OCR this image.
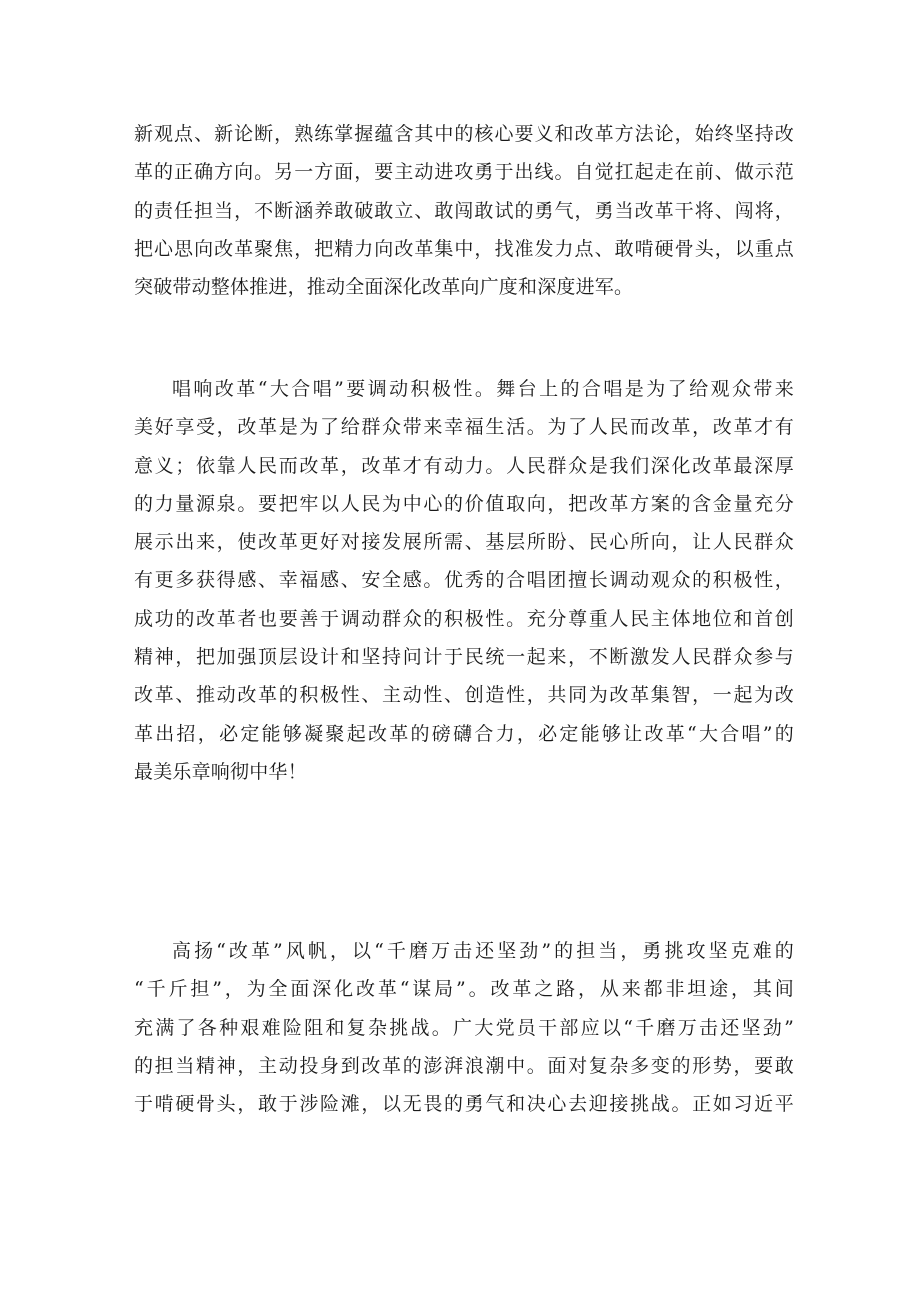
新观点、新论断，熟练掌握蕴含其中的核心要义和改革方法论，始终坚持改
革的正确方向。另一方面，要主动进攻勇于出线。自觉扛起走在前、做示范
的责任担当，不断涵养敢破敢立、敢闯敢试的勇气，勇当改革干将、闯将，
把心思向改革聚焦，把精力向改革集中，找准发力点、敢啃硬骨头，以重点
突破带动整体推进，推动全面深化改革向广度和深度进军。
唱响改革“大合唱”要调动积极性。舞台上的合唱是为了给观众带来
美好享受，改革是为了给群众带来幸福生活。为了人民而改革，改革才有
意义；依靠人民而改革，改革才有动力。人民群众是我们深化改革最深厚
的力量源泉。要把牢以人民为中心的价值取向，把改革方案的含金量充分
展示出来，使改革更好对接发展所需、基层所盼、民心所向，让人民群众
有更多获得感、幸福感、安全感。优秀的合唱团擅长调动观众的积极性，
成功的改革者也要善于调动群众的积极性。充分尊重人民主体地位和首创
精神，把加强顶层设计和坚持问计于民统一起来，不断激发人民群众参与
改革、推动改革的积极性、主动性、创造性，共同为改革集智，一起为改
革出招，必定能够凝聚起改革的磅礴合力，必定能够让改革“大合唱”的
最美乐章响彻中华！
高扬“改革”风帆，以“千磨万击还坚劲”的担当，勇挑攻坚克难的
“千斤担”，为全面深化改革“谋局”。改革之路，从来都非坦途，其间
充满了各种艰难险阻和复杂挑战。广大党员干部应以“千磨万击还坚劲”
的担当精神，主动投身到改革的澎湃浪潮中。面对复杂多变的形势，要敢
于啃硬骨头，敢于涉险滩，以无畏的勇气和决心去迎接挑战。正如习近平
